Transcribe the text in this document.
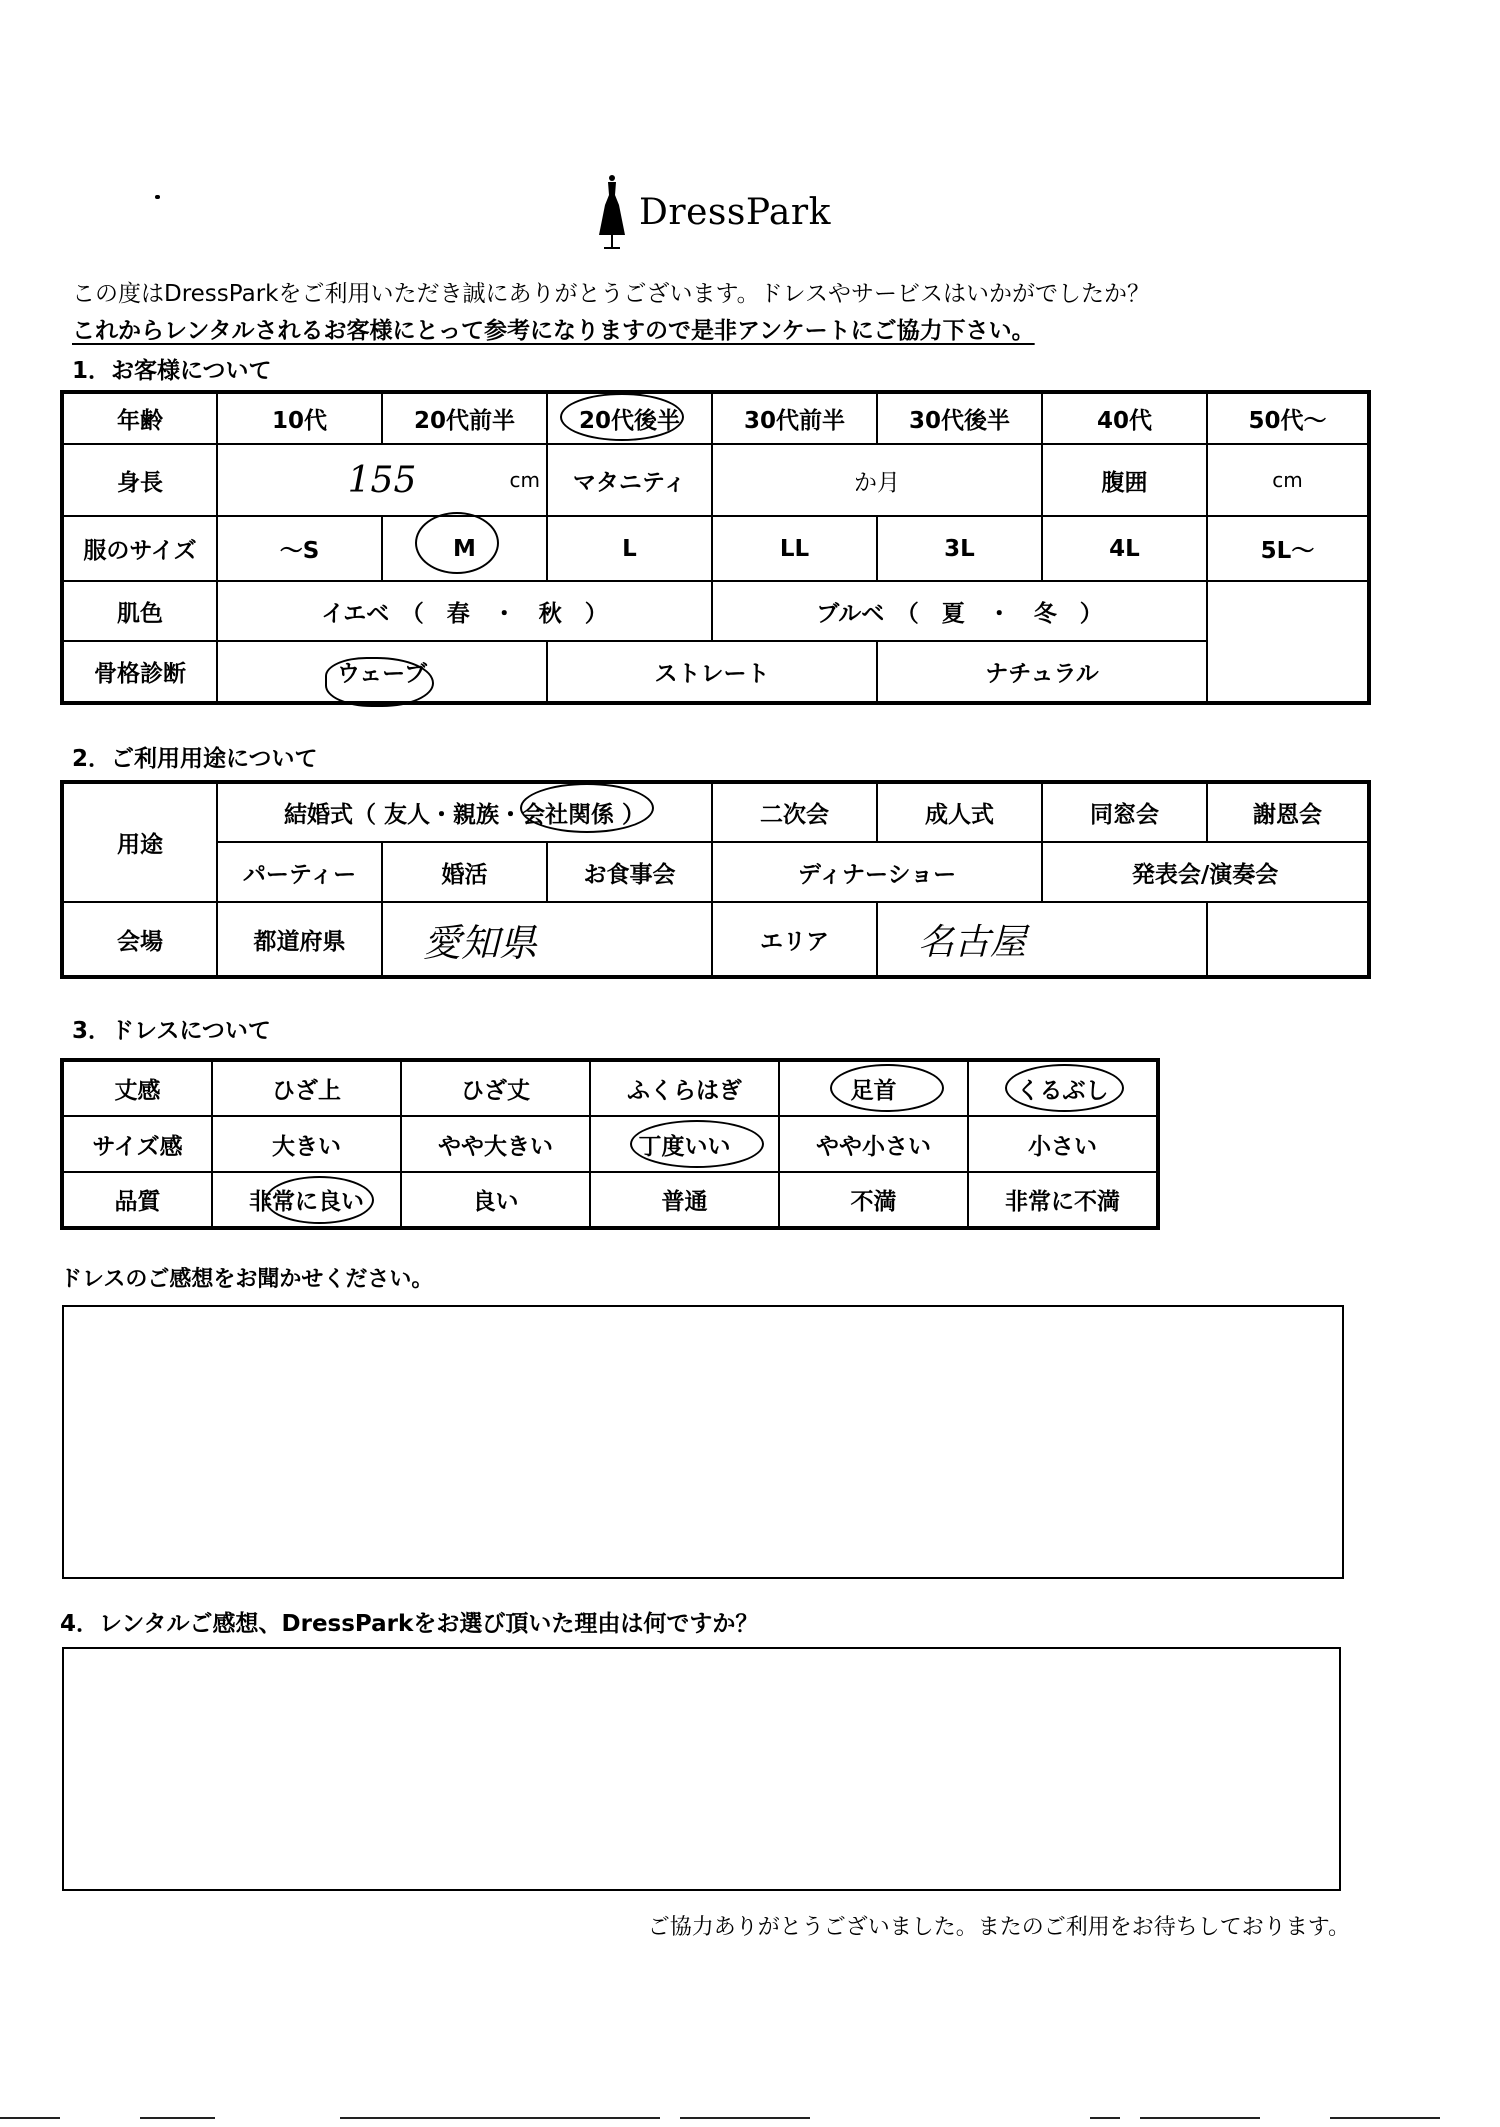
DressPark
この度はDressParkをご利用いただき誠にありがとうございます。ドレスやサービスはいかがでしたか？
これからレンタルされるお客様にとって参考になりますので是非アンケートにご協力下さい。
1．お客様について
年齢	10代	20代前半	20代後半	30代前半	30代後半	40代	50代～
身長	155 cm		マタニティ	か月		腹囲	cm
服のサイズ	～S	M	L	LL	3L	4L	5L～
肌色	イエベ　（　春　・　秋　）			ブルベ　（　夏　・　冬　）			
骨格診断	ウェーブ		ストレート		ナチュラル		
2．ご利用用途について
用途	結婚式（ 友人・親族・会社関係 ）			二次会	成人式	同窓会	謝恩会
	パーティー	婚活	お食事会	ディナーショー		発表会/演奏会	
会場	都道府県	愛知県		エリア	名古屋		
3．ドレスについて
丈感	ひざ上	ひざ丈	ふくらはぎ	足首	くるぶし
サイズ感	大きい	やや大きい	丁度いい	やや小さい	小さい
品質	非常に良い	良い	普通	不満	非常に不満
ドレスのご感想をお聞かせください。
4．レンタルご感想、DressParkをお選び頂いた理由は何ですか？
ご協力ありがとうございました。またのご利用をお待ちしております。
